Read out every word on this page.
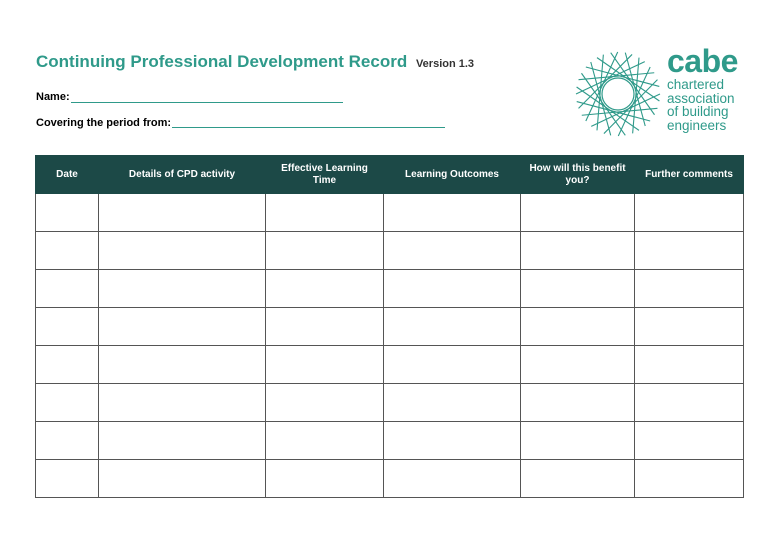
Continuing Professional Development Record Version 1.3
Name:
Covering the period from:
cabe
chartered
association
of building
engineers
Date	Details of CPD activity	Effective Learning Time	Learning Outcomes	How will this benefit you?	Further comments
